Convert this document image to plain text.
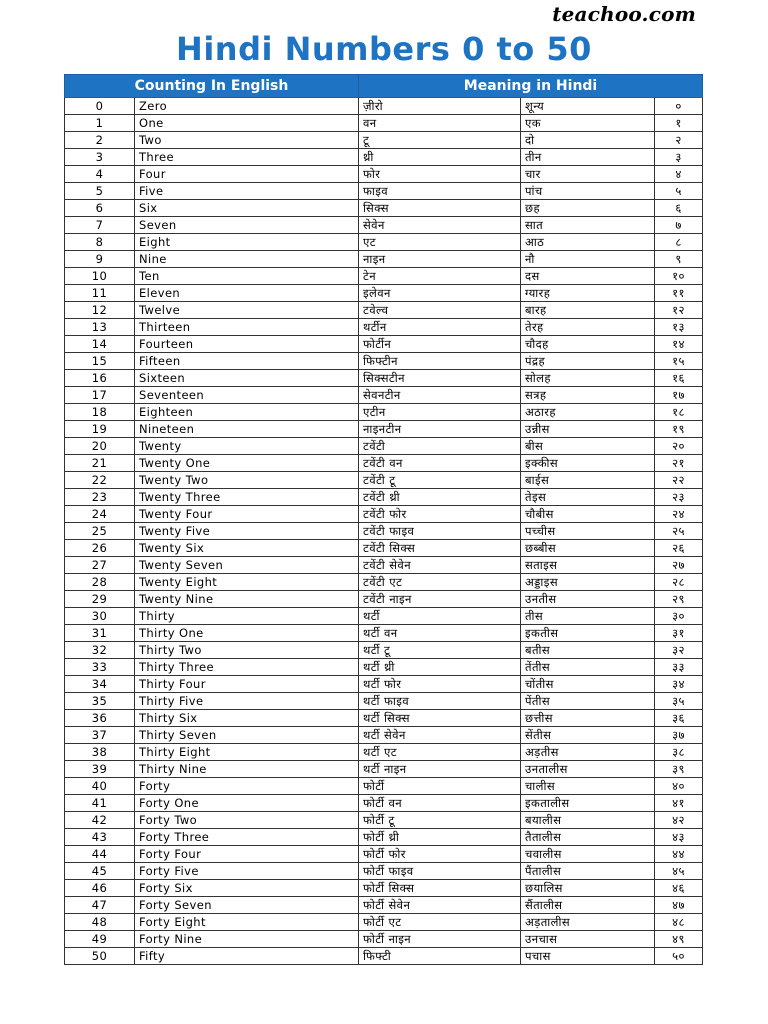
teachoo.com
Hindi Numbers 0 to 50
Counting In English		Meaning in Hindi		
0	Zero	ज़ीरो	शून्य	०
1	One	वन	एक	१
2	Two	टू	दो	२
3	Three	थ्री	तीन	३
4	Four	फोर	चार	४
5	Five	फाइव	पांच	५
6	Six	सिक्स	छह	६
7	Seven	सेवेन	सात	७
8	Eight	एट	आठ	८
9	Nine	नाइन	नौ	९
10	Ten	टेन	दस	१०
11	Eleven	इलेवन	ग्यारह	११
12	Twelve	टवेल्व	बारह	१२
13	Thirteen	थर्टीन	तेरह	१३
14	Fourteen	फोर्टीन	चौदह	१४
15	Fifteen	फिफ्टीन	पंद्रह	१५
16	Sixteen	सिक्सटीन	सोलह	१६
17	Seventeen	सेवनटीन	सत्रह	१७
18	Eighteen	एटीन	अठारह	१८
19	Nineteen	नाइनटीन	उन्नीस	१९
20	Twenty	टवेंटी	बीस	२०
21	Twenty One	टवेंटी वन	इक्कीस	२१
22	Twenty Two	टवेंटी टू	बाईस	२२
23	Twenty Three	टवेंटी थ्री	तेइस	२३
24	Twenty Four	टवेंटी फोर	चौबीस	२४
25	Twenty Five	टवेंटी फाइव	पच्चीस	२५
26	Twenty Six	टवेंटी सिक्स	छब्बीस	२६
27	Twenty Seven	टवेंटी सेवेन	सताइस	२७
28	Twenty Eight	टवेंटी एट	अड्डाइस	२८
29	Twenty Nine	टवेंटी नाइन	उनतीस	२९
30	Thirty	थर्टी	तीस	३०
31	Thirty One	थर्टी वन	इकतीस	३१
32	Thirty Two	थर्टी टू	बतीस	३२
33	Thirty Three	थर्टी थ्री	तेंतीस	३३
34	Thirty Four	थर्टी फोर	चोंतीस	३४
35	Thirty Five	थर्टी फाइव	पेंतीस	३५
36	Thirty Six	थर्टी सिक्स	छत्तीस	३६
37	Thirty Seven	थर्टी सेवेन	सेंतीस	३७
38	Thirty Eight	थर्टी एट	अड़तीस	३८
39	Thirty Nine	थर्टी नाइन	उनतालीस	३९
40	Forty	फोर्टी	चालीस	४०
41	Forty One	फोर्टी वन	इकतालीस	४१
42	Forty Two	फोर्टी टू	बयालीस	४२
43	Forty Three	फोर्टी थ्री	तैतालीस	४३
44	Forty Four	फोर्टी फोर	चवालीस	४४
45	Forty Five	फोर्टी फाइव	पैंतालीस	४५
46	Forty Six	फोर्टी सिक्स	छयालिस	४६
47	Forty Seven	फोर्टी सेवेन	सैंतालीस	४७
48	Forty Eight	फोर्टी एट	अड़तालीस	४८
49	Forty Nine	फोर्टी नाइन	उनचास	४९
50	Fifty	फिफ्टी	पचास	५०
